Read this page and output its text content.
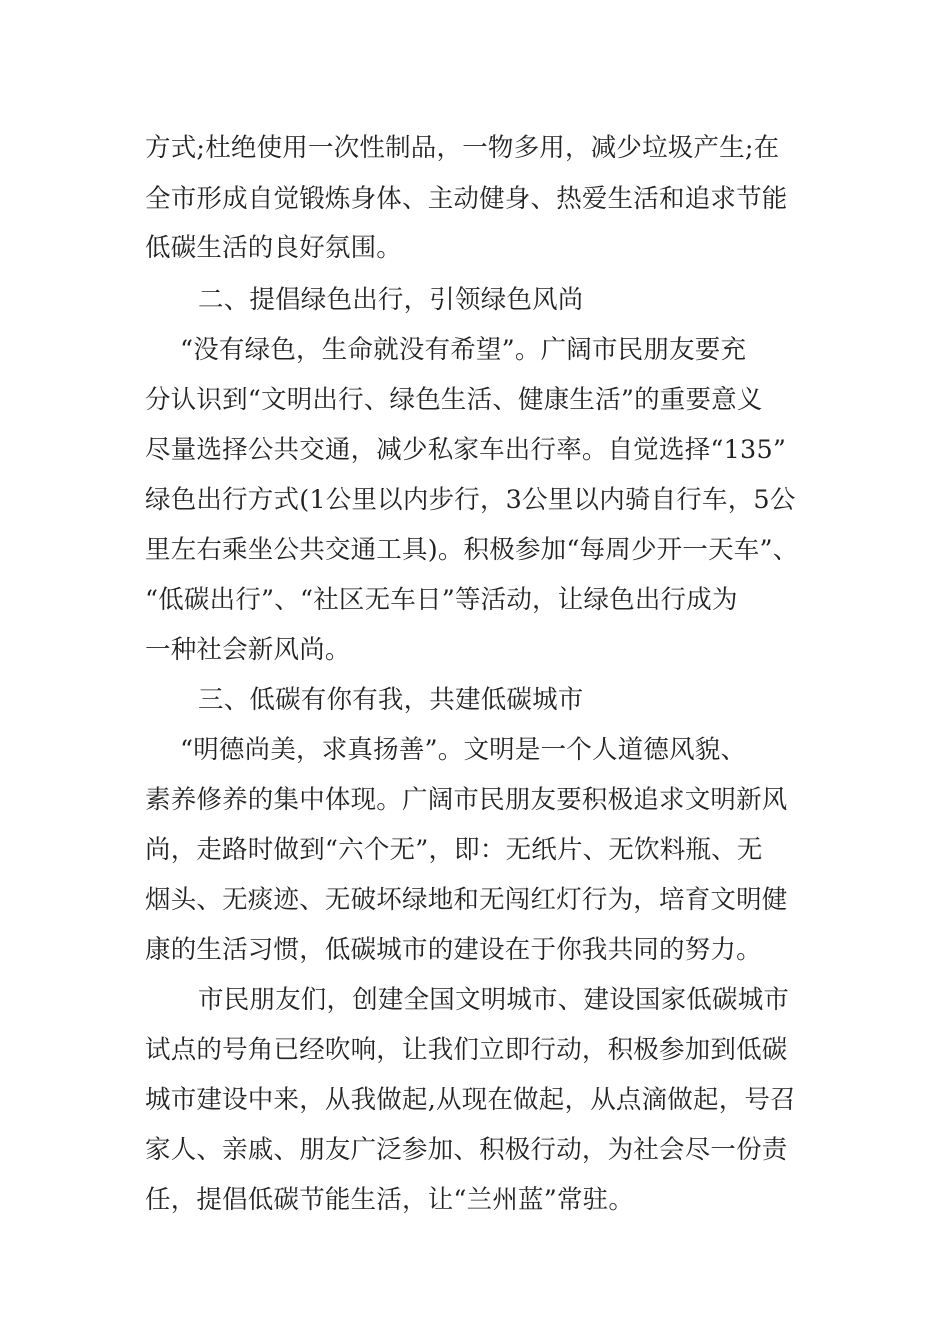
方式;杜绝使用一次性制品，一物多用，减少垃圾产生;在
全市形成自觉锻炼身体、主动健身、热爱生活和追求节能
低碳生活的良好氛围。
二、提倡绿色出行，引领绿色风尚
“没有绿色，生命就没有希望”。广阔市民朋友要充
分认识到“文明出行、绿色生活、健康生活”的重要意义
尽量选择公共交通，减少私家车出行率。自觉选择“135”
绿色出行方式(1公里以内步行，3公里以内骑自行车，5公
里左右乘坐公共交通工具)。积极参加“每周少开一天车”、
“低碳出行”、“社区无车日”等活动，让绿色出行成为
一种社会新风尚。
三、低碳有你有我，共建低碳城市
“明德尚美，求真扬善”。文明是一个人道德风貌、
素养修养的集中体现。广阔市民朋友要积极追求文明新风
尚，走路时做到“六个无”，即：无纸片、无饮料瓶、无
烟头、无痰迹、无破坏绿地和无闯红灯行为，培育文明健
康的生活习惯，低碳城市的建设在于你我共同的努力。
市民朋友们，创建全国文明城市、建设国家低碳城市
试点的号角已经吹响，让我们立即行动，积极参加到低碳
城市建设中来，从我做起,从现在做起，从点滴做起，号召
家人、亲戚、朋友广泛参加、积极行动，为社会尽一份责
任，提倡低碳节能生活，让“兰州蓝”常驻。
